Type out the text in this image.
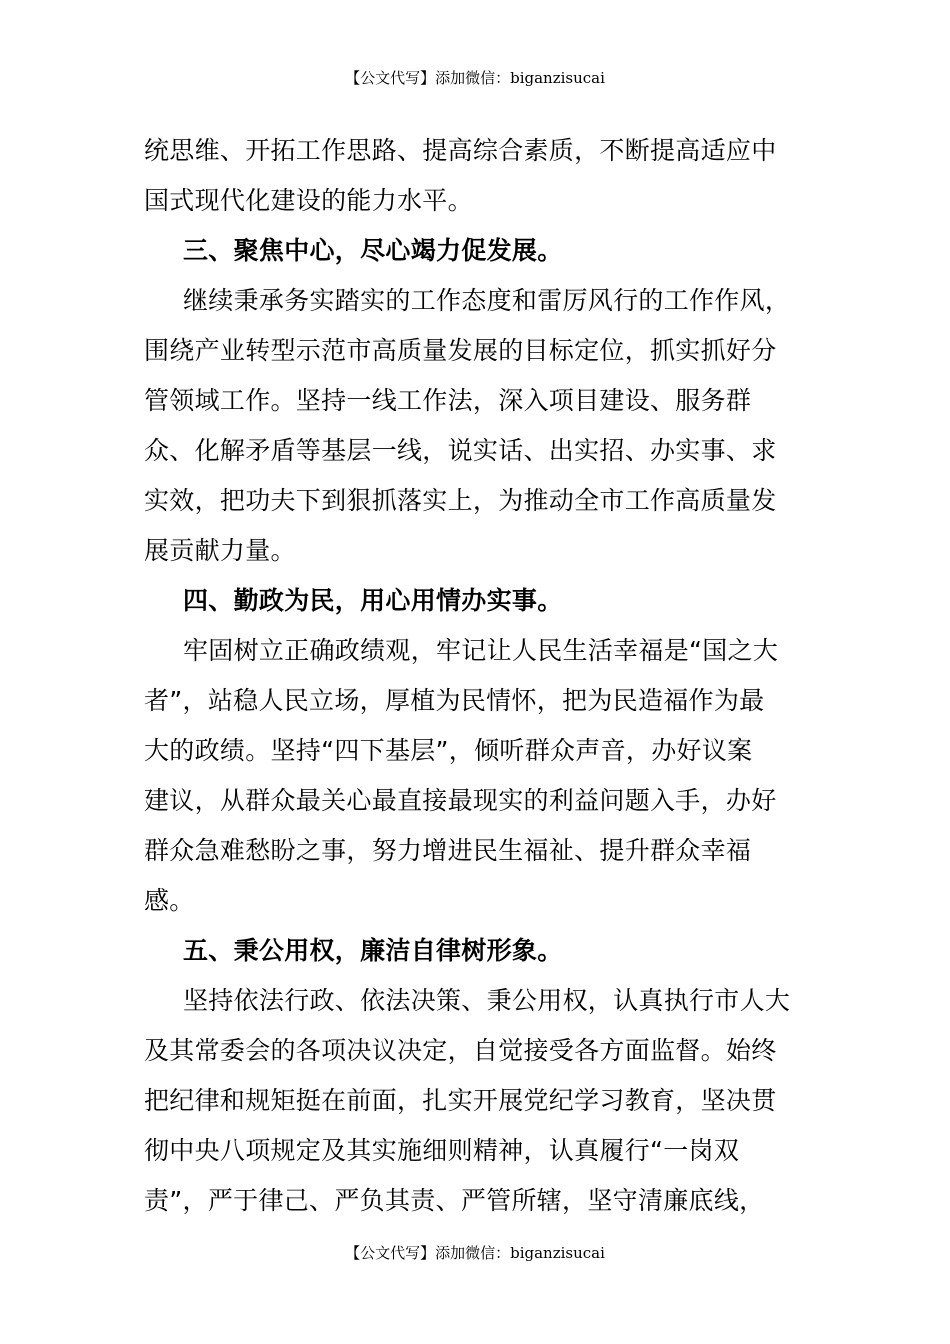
【公文代写】添加微信：biganzisucai
统思维、开拓工作思路、提高综合素质，不断提高适应中
国式现代化建设的能力水平。
三、聚焦中心，尽心竭力促发展。
继续秉承务实踏实的工作态度和雷厉风行的工作作风，
围绕产业转型示范市高质量发展的目标定位，抓实抓好分
管领域工作。坚持一线工作法，深入项目建设、服务群
众、化解矛盾等基层一线，说实话、出实招、办实事、求
实效，把功夫下到狠抓落实上，为推动全市工作高质量发
展贡献力量。
四、勤政为民，用心用情办实事。
牢固树立正确政绩观，牢记让人民生活幸福是“国之大
者”，站稳人民立场，厚植为民情怀，把为民造福作为最
大的政绩。坚持“四下基层”，倾听群众声音，办好议案
建议，从群众最关心最直接最现实的利益问题入手，办好
群众急难愁盼之事，努力增进民生福祉、提升群众幸福
感。
五、秉公用权，廉洁自律树形象。
坚持依法行政、依法决策、秉公用权，认真执行市人大
及其常委会的各项决议决定，自觉接受各方面监督。始终
把纪律和规矩挺在前面，扎实开展党纪学习教育，坚决贯
彻中央八项规定及其实施细则精神，认真履行“一岗双
责”，严于律己、严负其责、严管所辖，坚守清廉底线，
【公文代写】添加微信：biganzisucai
